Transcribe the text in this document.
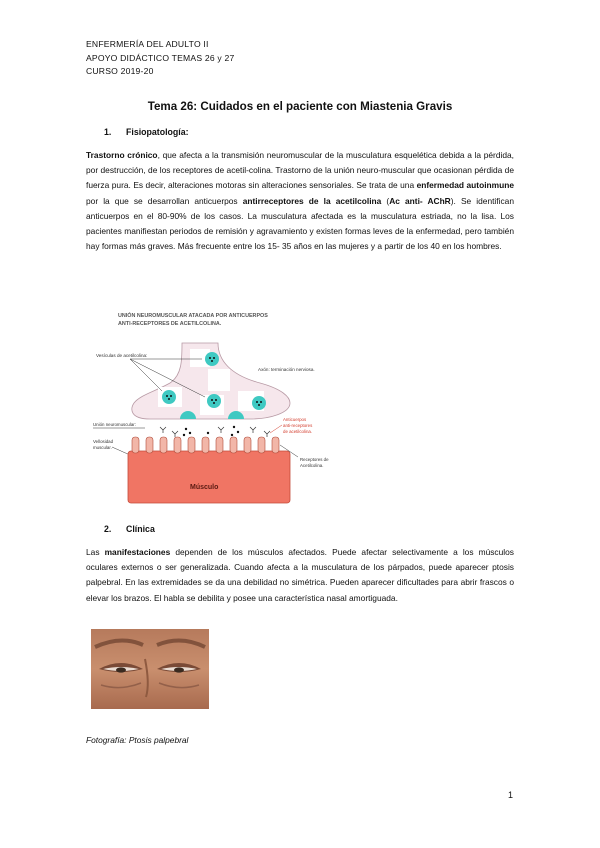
ENFERMERÍA DEL ADULTO II
APOYO DIDÁCTICO TEMAS 26 y 27
CURSO 2019-20
Tema 26: Cuidados en el paciente con Miastenia Gravis
1. Fisiopatología:
Trastorno crónico, que afecta a la transmisión neuromuscular de la musculatura esquelética debida a la pérdida, por destrucción, de los receptores de acetil-colina. Trastorno de la unión neuro-muscular que ocasionan pérdida de fuerza pura. Es decir, alteraciones motoras sin alteraciones sensoriales. Se trata de una enfermedad autoinmune por la que se desarrollan anticuerpos antirreceptores de la acetilcolina (Ac anti- AChR). Se identifican anticuerpos en el 80-90% de los casos. La musculatura afectada es la musculatura estriada, no la lisa. Los pacientes manifiestan periodos de remisión y agravamiento y existen formas leves de la enfermedad, pero también hay formas más graves. Más frecuente entre los 15- 35 años en las mujeres y a partir de los 40 en los hombres.
UNIÓN NEUROMUSCULAR ATACADA POR ANTICUERPOS
ANTI-RECEPTORES DE ACETILCOLINA.
Vesículas de acetilcolina:
Axón: terminación nerviosa.
Anticuerpos
anti-receptores
de acetilcolina.
Unión neuromuscular:
Vellosidad
muscular.
Músculo
Receptores de
Acetilcolina.
2. Clínica
Las manifestaciones dependen de los músculos afectados. Puede afectar selectivamente a los músculos oculares externos o ser generalizada. Cuando afecta a la musculatura de los párpados, puede aparecer ptosis palpebral. En las extremidades se da una debilidad no simétrica. Pueden aparecer dificultades para abrir frascos o elevar los brazos. El habla se debilita y posee una característica nasal amortiguada.
Fotografía: Ptosis palpebral
1
